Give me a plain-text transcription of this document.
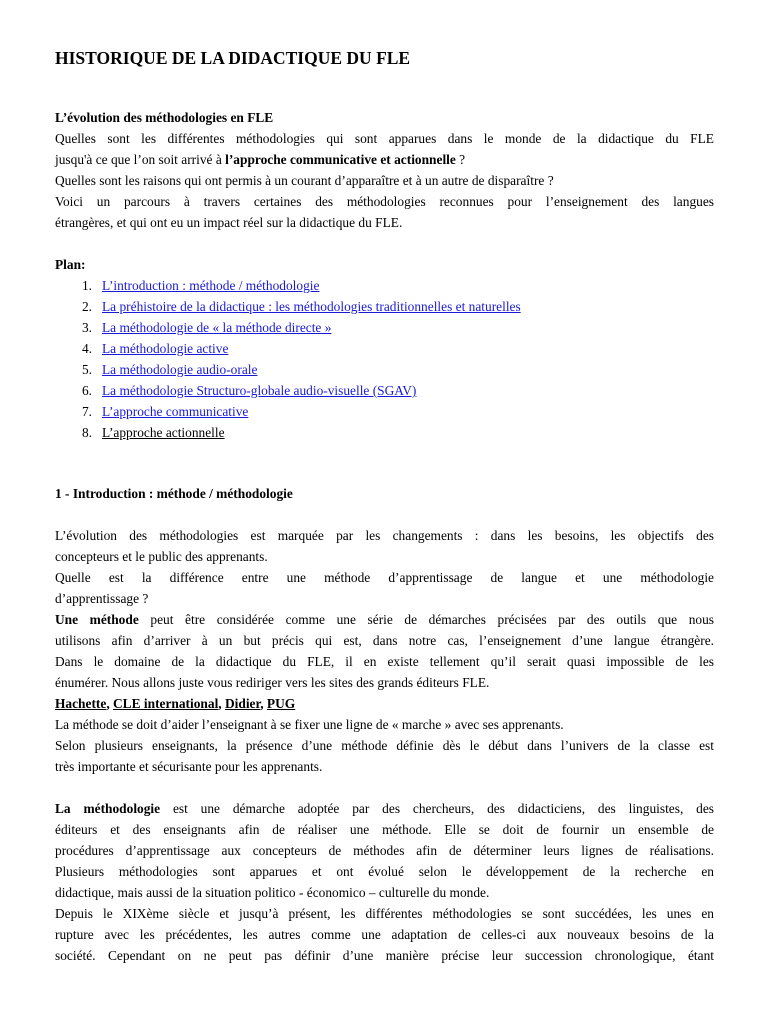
HISTORIQUE DE LA DIDACTIQUE DU FLE
L’évolution des méthodologies en FLE
Quelles sont les différentes méthodologies qui sont apparues dans le monde de la didactique du FLE
jusqu'à ce que l’on soit arrivé à l’approche communicative et actionnelle ?
Quelles sont les raisons qui ont permis à un courant d’apparaître et à un autre de disparaître ?
Voici un parcours à travers certaines des méthodologies reconnues pour l’enseignement des langues
étrangères, et qui ont eu un impact réel sur la didactique du FLE.
Plan:
1. L’introduction : méthode / méthodologie
2. La préhistoire de la didactique : les méthodologies traditionnelles et naturelles
3. La méthodologie de « la méthode directe »
4. La méthodologie active
5. La méthodologie audio-orale
6. La méthodologie Structuro-globale audio-visuelle (SGAV)
7. L’approche communicative
8. L’approche actionnelle
1 - Introduction : méthode / méthodologie
L’évolution des méthodologies est marquée par les changements : dans les besoins, les objectifs des
concepteurs et le public des apprenants.
Quelle est la différence entre une méthode d’apprentissage de langue et une méthodologie
d’apprentissage ?
Une méthode peut être considérée comme une série de démarches précisées par des outils que nous
utilisons afin d’arriver à un but précis qui est, dans notre cas, l’enseignement d’une langue étrangère.
Dans le domaine de la didactique du FLE, il en existe tellement qu’il serait quasi impossible de les
énumérer. Nous allons juste vous rediriger vers les sites des grands éditeurs FLE.
Hachette, CLE international, Didier, PUG
La méthode se doit d’aider l’enseignant à se fixer une ligne de « marche » avec ses apprenants.
Selon plusieurs enseignants, la présence d’une méthode définie dès le début dans l’univers de la classe est
très importante et sécurisante pour les apprenants.
La méthodologie est une démarche adoptée par des chercheurs, des didacticiens, des linguistes, des
éditeurs et des enseignants afin de réaliser une méthode. Elle se doit de fournir un ensemble de
procédures d’apprentissage aux concepteurs de méthodes afin de déterminer leurs lignes de réalisations.
Plusieurs méthodologies sont apparues et ont évolué selon le développement de la recherche en
didactique, mais aussi de la situation politico - économico – culturelle du monde.
Depuis le XIXème siècle et jusqu’à présent, les différentes méthodologies se sont succédées, les unes en
rupture avec les précédentes, les autres comme une adaptation de celles-ci aux nouveaux besoins de la
société. Cependant on ne peut pas définir d’une manière précise leur succession chronologique, étant
